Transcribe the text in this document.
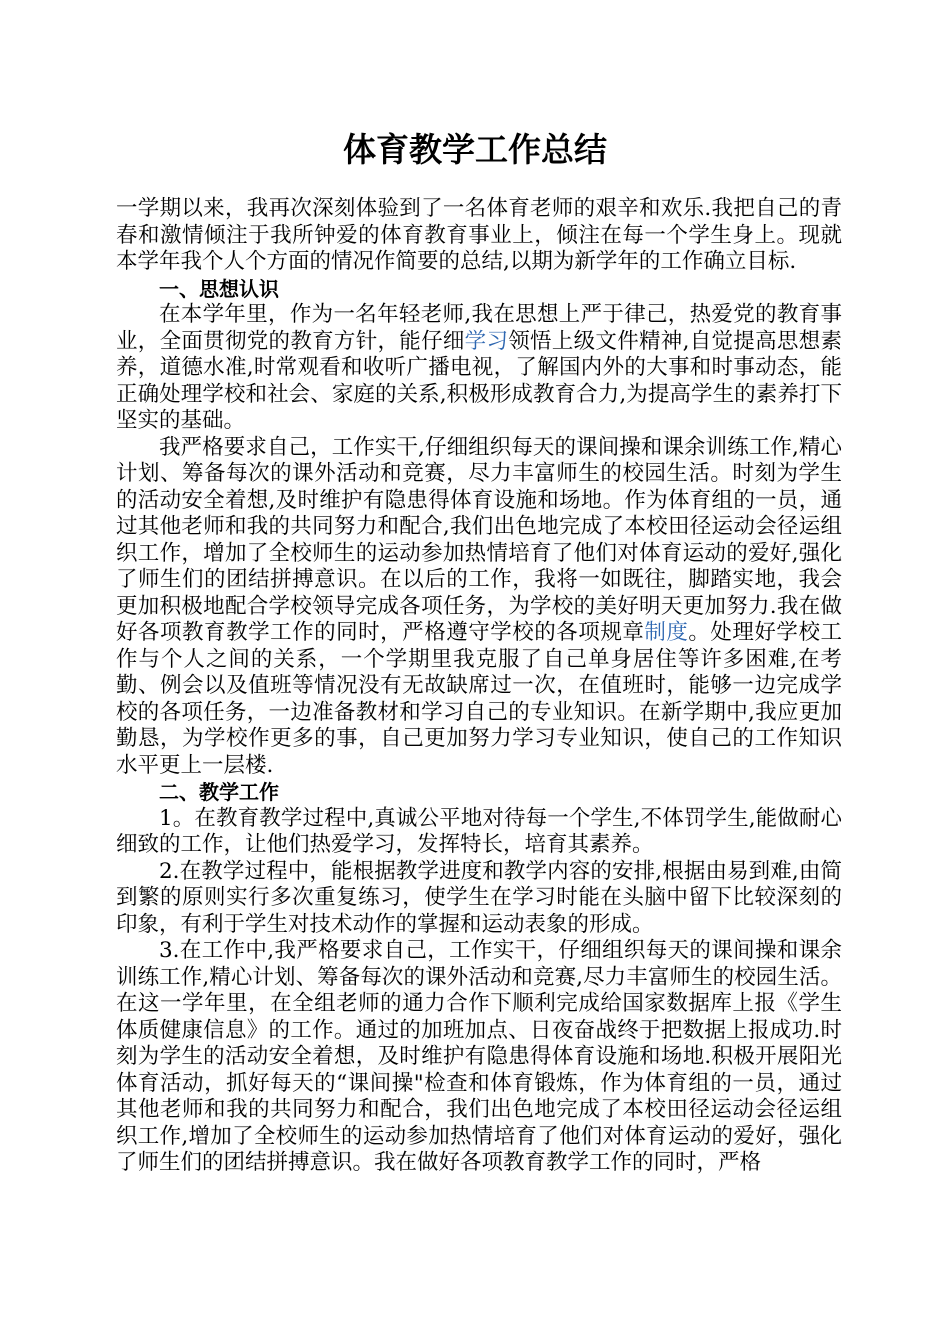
体育教学工作总结

一学期以来，我再次深刻体验到了一名体育老师的艰辛和欢乐.我把自己的青春和激情倾注于我所钟爱的体育教育事业上，倾注在每一个学生身上。现就本学年我个人个方面的情况作简要的总结,以期为新学年的工作确立目标.

一、思想认识

在本学年里，作为一名年轻老师,我在思想上严于律己，热爱党的教育事业，全面贯彻党的教育方针，能仔细学习领悟上级文件精神,自觉提高思想素养，道德水准,时常观看和收听广播电视，了解国内外的大事和时事动态，能正确处理学校和社会、家庭的关系,积极形成教育合力,为提高学生的素养打下坚实的基础。

我严格要求自己，工作实干,仔细组织每天的课间操和课余训练工作,精心计划、筹备每次的课外活动和竞赛，尽力丰富师生的校园生活。时刻为学生的活动安全着想,及时维护有隐患得体育设施和场地。作为体育组的一员，通过其他老师和我的共同努力和配合,我们出色地完成了本校田径运动会径运组织工作，增加了全校师生的运动参加热情培育了他们对体育运动的爱好,强化了师生们的团结拼搏意识。在以后的工作，我将一如既往，脚踏实地，我会更加积极地配合学校领导完成各项任务，为学校的美好明天更加努力.我在做好各项教育教学工作的同时，严格遵守学校的各项规章制度。处理好学校工作与个人之间的关系，一个学期里我克服了自己单身居住等许多困难,在考勤、例会以及值班等情况没有无故缺席过一次，在值班时，能够一边完成学校的各项任务，一边准备教材和学习自己的专业知识。在新学期中,我应更加勤恳，为学校作更多的事，自己更加努力学习专业知识，使自己的工作知识水平更上一层楼.

二、教学工作

1。在教育教学过程中,真诚公平地对待每一个学生,不体罚学生,能做耐心细致的工作，让他们热爱学习，发挥特长，培育其素养。

2.在教学过程中，能根据教学进度和教学内容的安排,根据由易到难,由简到繁的原则实行多次重复练习，使学生在学习时能在头脑中留下比较深刻的印象，有利于学生对技术动作的掌握和运动表象的形成。

3.在工作中,我严格要求自己，工作实干，仔细组织每天的课间操和课余训练工作,精心计划、筹备每次的课外活动和竞赛,尽力丰富师生的校园生活。在这一学年里，在全组老师的通力合作下顺利完成给国家数据库上报《学生体质健康信息》的工作。通过的加班加点、日夜奋战终于把数据上报成功.时刻为学生的活动安全着想，及时维护有隐患得体育设施和场地.积极开展阳光体育活动，抓好每天的“课间操"检查和体育锻炼，作为体育组的一员，通过其他老师和我的共同努力和配合，我们出色地完成了本校田径运动会径运组织工作,增加了全校师生的运动参加热情培育了他们对体育运动的爱好，强化了师生们的团结拼搏意识。我在做好各项教育教学工作的同时，严格
